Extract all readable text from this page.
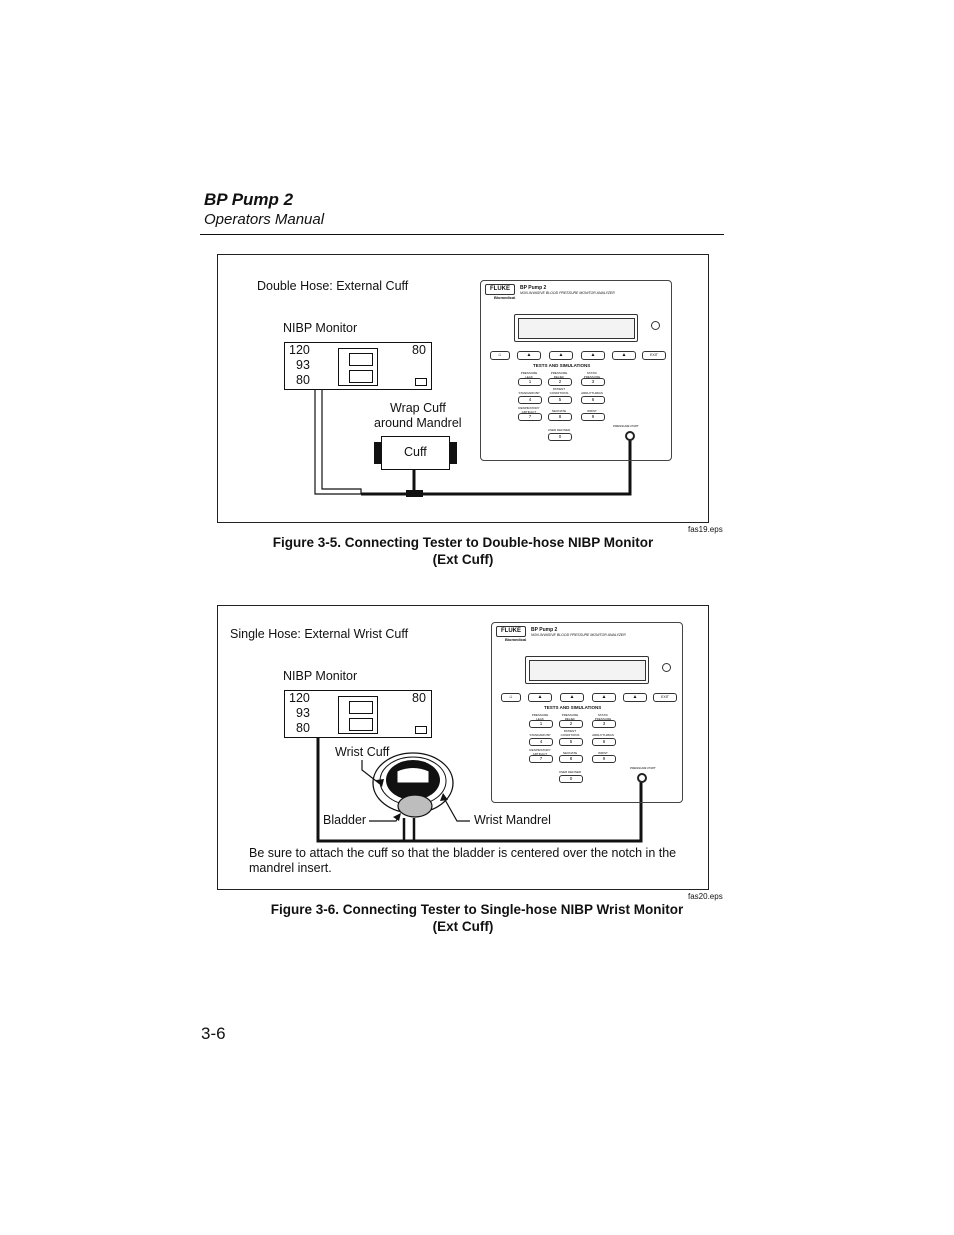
BP Pump 2
Operators Manual
Double Hose: External Cuff
NIBP Monitor
120
93
80
80
Wrap Cuff
around Mandrel
Cuff
FLUKE
Biomedical
BP Pump 2
NON-INVASIVE BLOOD PRESSURE MONITOR ANALYZER
⌂	▲	▲	▲	▲	EXIT
TESTS AND SIMULATIONS
PRESSURE LEAK
1
PRESSURE RELIEF
2
STATIC PRESSURE
3
STANDARD BP
4
PATIENT CONDITIONS
5
ARRHYTHMIAS
6
RESPIRATORY ARTIFACT
7
NEONATE
8
WRIST
9
USER DEFINED
0
PRESSURE PORT
fas19.eps
Figure 3-5. Connecting Tester to Double-hose NIBP Monitor
(Ext Cuff)
Single Hose: External Wrist Cuff
NIBP Monitor
120
93
80
80
Wrist Cuff
Bladder	Wrist Mandrel
FLUKE
Biomedical
BP Pump 2
NON-INVASIVE BLOOD PRESSURE MONITOR ANALYZER
⌂	▲	▲	▲	▲	EXIT
TESTS AND SIMULATIONS
PRESSURE LEAK
1
PRESSURE RELIEF
2
STATIC PRESSURE
3
STANDARD BP
4
PATIENT CONDITIONS
5
ARRHYTHMIAS
6
RESPIRATORY ARTIFACT
7
NEONATE
8
WRIST
9
USER DEFINED
0
PRESSURE PORT
Be sure to attach the cuff so that the bladder is centered over the notch in the mandrel insert.
fas20.eps
Figure 3-6. Connecting Tester to Single-hose NIBP Wrist Monitor
(Ext Cuff)
3-6
